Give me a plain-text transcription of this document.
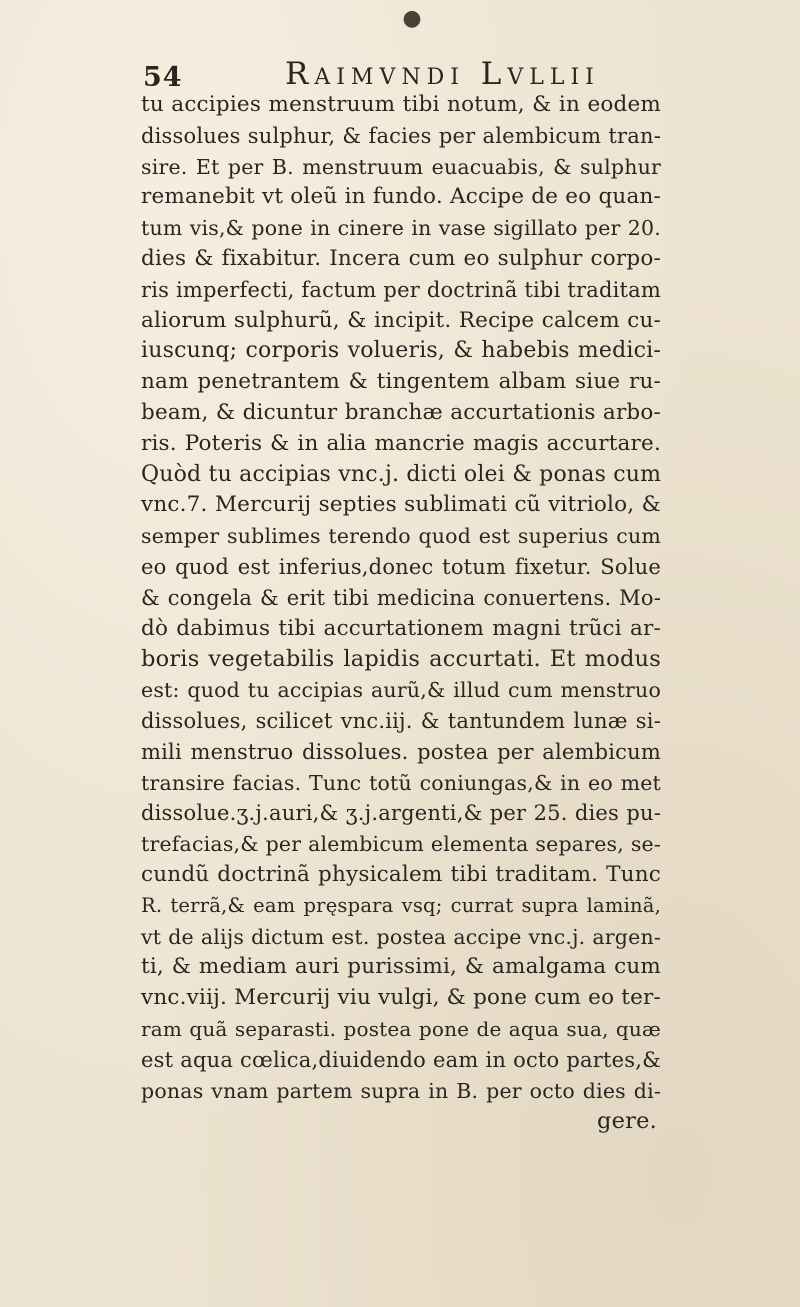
●
54	Raimvndi Lvllii
tu accipies menstruum tibi notum, & in eodem
dissolues sulphur, & facies per alembicum tran-
sire. Et per B. menstruum euacuabis, & sulphur
remanebit vt oleũ in fundo. Accipe de eo quan-
tum vis,& pone in cinere in vase sigillato per 20.
dies & fixabitur. Incera cum eo sulphur corpo-
ris imperfecti, factum per doctrinã tibi traditam
aliorum sulphurũ, & incipit. Recipe calcem cu-
iuscunq; corporis volueris, & habebis medici-
nam penetrantem & tingentem albam siue ru-
beam, & dicuntur branchæ accurtationis arbo-
ris. Poteris & in alia mancrie magis accurtare.
Quòd tu accipias vnc.j. dicti olei & ponas cum
vnc.7. Mercurij septies sublimati cũ vitriolo, &
semper sublimes terendo quod est superius cum
eo quod est inferius,donec totum fixetur. Solue
& congela & erit tibi medicina conuertens. Mo-
dò dabimus tibi accurtationem magni trũci ar-
boris vegetabilis lapidis accurtati. Et modus
est: quod tu accipias aurũ,& illud cum menstruo
dissolues, scilicet vnc.iij. & tantundem lunæ si-
mili menstruo dissolues. postea per alembicum
transire facias. Tunc totũ coniungas,& in eo met
dissolue.ʒ.j.auri,& ʒ.j.argenti,& per 25. dies pu-
trefacias,& per alembicum elementa separes, se-
cundũ doctrinã physicalem tibi traditam. Tunc
R. terrã,& eam pręspara vsq; currat supra laminã,
vt de alijs dictum est. postea accipe vnc.j. argen-
ti, & mediam auri purissimi, & amalgama cum
vnc.viij. Mercurij viu vulgi, & pone cum eo ter-
ram quã separasti. postea pone de aqua sua, quæ
est aqua cœlica,diuidendo eam in octo partes,&
ponas vnam partem supra in B. per octo dies di-
gere.
